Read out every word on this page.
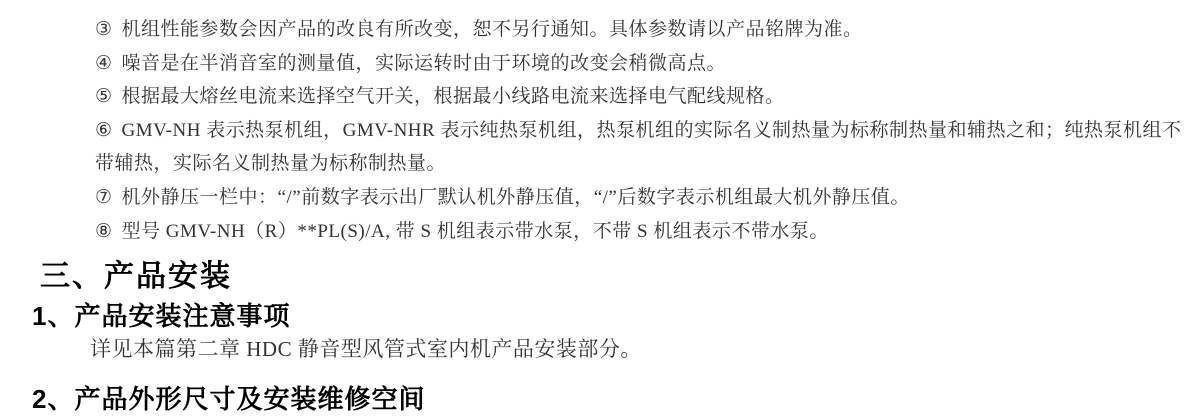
③ 机组性能参数会因产品的改良有所改变，恕不另行通知。具体参数请以产品铭牌为准。

④ 噪音是在半消音室的测量值，实际运转时由于环境的改变会稍微高点。

⑤ 根据最大熔丝电流来选择空气开关，根据最小线路电流来选择电气配线规格。

⑥ GMV-NH 表示热泵机组，GMV-NHR 表示纯热泵机组，热泵机组的实际名义制热量为标称制热量和辅热之和；纯热泵机组不带辅热，实际名义制热量为标称制热量。

⑦ 机外静压一栏中：“/”前数字表示出厂默认机外静压值，“/”后数字表示机组最大机外静压值。

⑧ 型号 GMV-NH（R）**PL(S)/A, 带 S 机组表示带水泵，不带 S 机组表示不带水泵。

三、产品安装
1、产品安装注意事项

详见本篇第二章 HDC 静音型风管式室内机产品安装部分。

2、产品外形尺寸及安装维修空间
